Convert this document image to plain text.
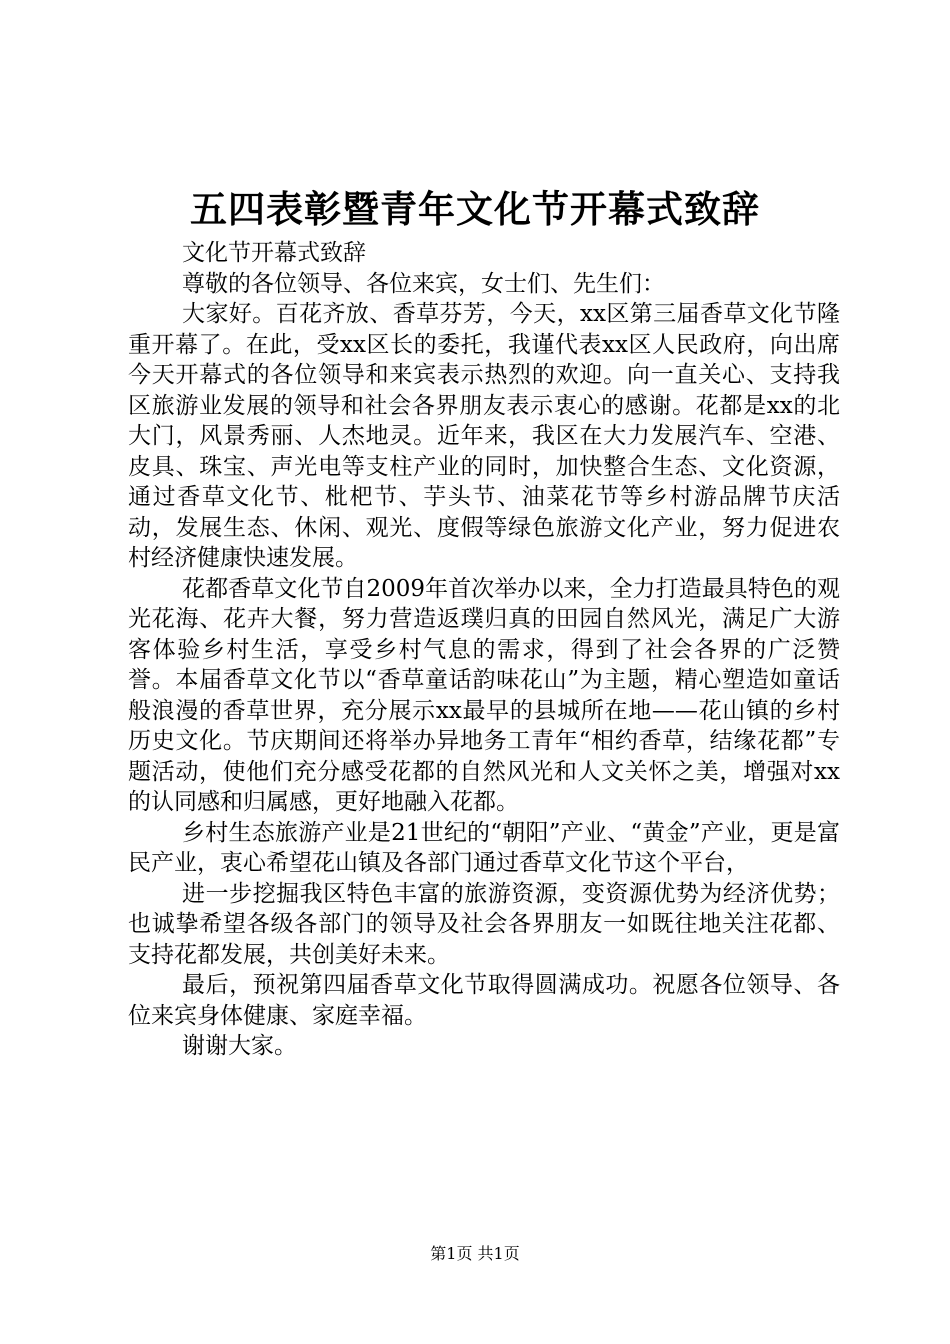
五四表彰暨青年文化节开幕式致辞

文化节开幕式致辞

尊敬的各位领导、各位来宾，女士们、先生们：

大家好。百花齐放、香草芬芳，今天，xx区第三届香草文化节隆重开幕了。在此，受xx区长的委托，我谨代表xx区人民政府，向出席今天开幕式的各位领导和来宾表示热烈的欢迎。向一直关心、支持我区旅游业发展的领导和社会各界朋友表示衷心的感谢。花都是xx的北大门，风景秀丽、人杰地灵。近年来，我区在大力发展汽车、空港、皮具、珠宝、声光电等支柱产业的同时，加快整合生态、文化资源，通过香草文化节、枇杷节、芋头节、油菜花节等乡村游品牌节庆活动，发展生态、休闲、观光、度假等绿色旅游文化产业，努力促进农村经济健康快速发展。

花都香草文化节自2009年首次举办以来，全力打造最具特色的观光花海、花卉大餐，努力营造返璞归真的田园自然风光，满足广大游客体验乡村生活，享受乡村气息的需求，得到了社会各界的广泛赞誉。本届香草文化节以“香草童话韵味花山”为主题，精心塑造如童话般浪漫的香草世界，充分展示xx最早的县城所在地——花山镇的乡村历史文化。节庆期间还将举办异地务工青年“相约香草，结缘花都”专题活动，使他们充分感受花都的自然风光和人文关怀之美，增强对xx的认同感和归属感，更好地融入花都。

乡村生态旅游产业是21世纪的“朝阳”产业、“黄金”产业，更是富民产业，衷心希望花山镇及各部门通过香草文化节这个平台，

进一步挖掘我区特色丰富的旅游资源，变资源优势为经济优势；也诚挚希望各级各部门的领导及社会各界朋友一如既往地关注花都、支持花都发展，共创美好未来。

最后，预祝第四届香草文化节取得圆满成功。祝愿各位领导、各位来宾身体健康、家庭幸福。

谢谢大家。

第1页 共1页
